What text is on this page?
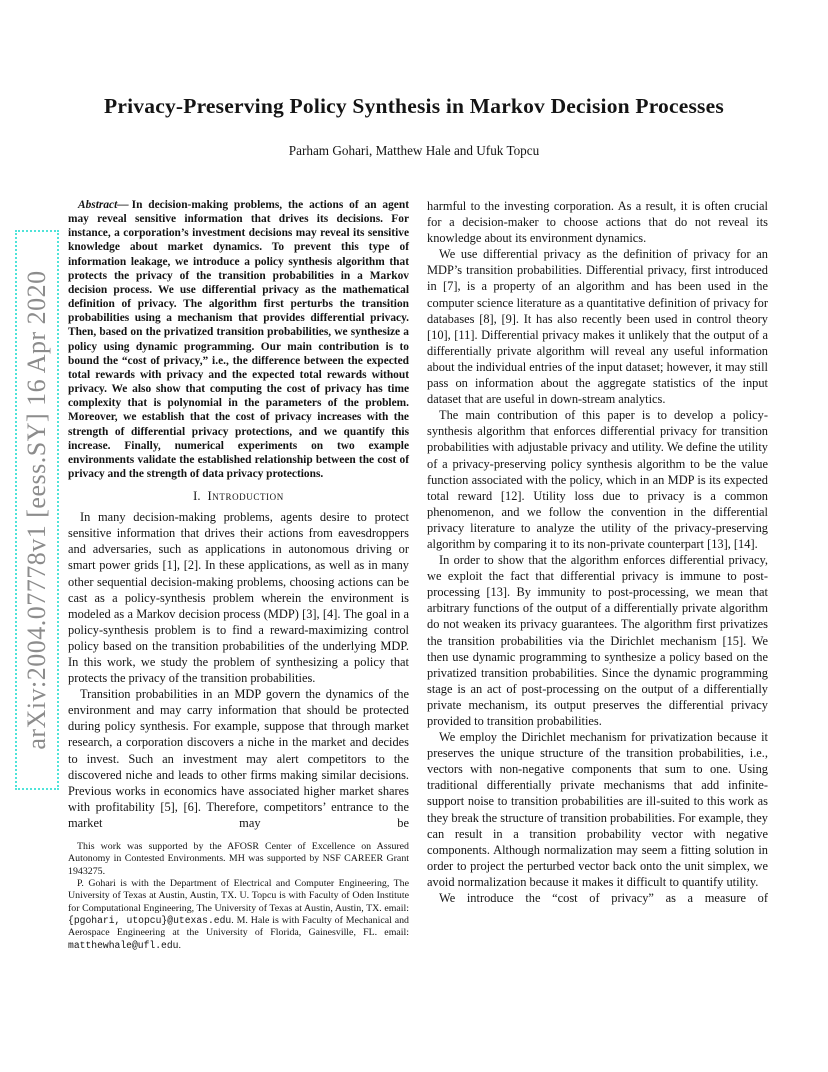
arXiv:2004.07778v1 [eess.SY] 16 Apr 2020
Privacy-Preserving Policy Synthesis in Markov Decision Processes
Parham Gohari, Matthew Hale and Ufuk Topcu

Abstract— In decision-making problems, the actions of an agent may reveal sensitive information that drives its decisions. For instance, a corporation’s investment decisions may reveal its sensitive knowledge about market dynamics. To prevent this type of information leakage, we introduce a policy synthesis algorithm that protects the privacy of the transition probabilities in a Markov decision process. We use differential privacy as the mathematical definition of privacy. The algorithm first perturbs the transition probabilities using a mechanism that provides differential privacy. Then, based on the privatized transition probabilities, we synthesize a policy using dynamic programming. Our main contribution is to bound the “cost of privacy,” i.e., the difference between the expected total rewards with privacy and the expected total rewards without privacy. We also show that computing the cost of privacy has time complexity that is polynomial in the parameters of the problem. Moreover, we establish that the cost of privacy increases with the strength of differential privacy protections, and we quantify this increase. Finally, numerical experiments on two example environments validate the established relationship between the cost of privacy and the strength of data privacy protections.

I. Introduction

In many decision-making problems, agents desire to protect sensitive information that drives their actions from eavesdroppers and adversaries, such as applications in autonomous driving or smart power grids [1], [2]. In these applications, as well as in many other sequential decision-making problems, choosing actions can be cast as a policy-synthesis problem wherein the environment is modeled as a Markov decision process (MDP) [3], [4]. The goal in a policy-synthesis problem is to find a reward-maximizing control policy based on the transition probabilities of the underlying MDP. In this work, we study the problem of synthesizing a policy that protects the privacy of the transition probabilities.

Transition probabilities in an MDP govern the dynamics of the environment and may carry information that should be protected during policy synthesis. For example, suppose that through market research, a corporation discovers a niche in the market and decides to invest. Such an investment may alert competitors to the discovered niche and leads to other firms making similar decisions. Previous works in economics have associated higher market shares with profitability [5], [6]. Therefore, competitors’ entrance to the market may be

This work was supported by the AFOSR Center of Excellence on Assured Autonomy in Contested Environments. MH was supported by NSF CAREER Grant 1943275.

P. Gohari is with the Department of Electrical and Computer Engineering, The University of Texas at Austin, Austin, TX. U. Topcu is with Faculty of Oden Institute for Computational Engineering, The University of Texas at Austin, Austin, TX. email: {pgohari, utopcu}@utexas.edu. M. Hale is with Faculty of Mechanical and Aerospace Engineering at the University of Florida, Gainesville, FL. email: matthewhale@ufl.edu.

harmful to the investing corporation. As a result, it is often crucial for a decision-maker to choose actions that do not reveal its knowledge about its environment dynamics.

We use differential privacy as the definition of privacy for an MDP’s transition probabilities. Differential privacy, first introduced in [7], is a property of an algorithm and has been used in the computer science literature as a quantitative definition of privacy for databases [8], [9]. It has also recently been used in control theory [10], [11]. Differential privacy makes it unlikely that the output of a differentially private algorithm will reveal any useful information about the individual entries of the input dataset; however, it may still pass on information about the aggregate statistics of the input dataset that are useful in down-stream analytics.

The main contribution of this paper is to develop a policy-synthesis algorithm that enforces differential privacy for transition probabilities with adjustable privacy and utility. We define the utility of a privacy-preserving policy synthesis algorithm to be the value function associated with the policy, which in an MDP is its expected total reward [12]. Utility loss due to privacy is a common phenomenon, and we follow the convention in the differential privacy literature to analyze the utility of the privacy-preserving algorithm by comparing it to its non-private counterpart [13], [14].

In order to show that the algorithm enforces differential privacy, we exploit the fact that differential privacy is immune to post-processing [13]. By immunity to post-processing, we mean that arbitrary functions of the output of a differentially private algorithm do not weaken its privacy guarantees. The algorithm first privatizes the transition probabilities via the Dirichlet mechanism [15]. We then use dynamic programming to synthesize a policy based on the privatized transition probabilities. Since the dynamic programming stage is an act of post-processing on the output of a differentially private mechanism, its output preserves the differential privacy provided to transition probabilities.

We employ the Dirichlet mechanism for privatization because it preserves the unique structure of the transition probabilities, i.e., vectors with non-negative components that sum to one. Using traditional differentially private mechanisms that add infinite-support noise to transition probabilities are ill-suited to this work as they break the structure of transition probabilities. For example, they can result in a transition probability vector with negative components. Although normalization may seem a fitting solution in order to project the perturbed vector back onto the unit simplex, we avoid normalization because it makes it difficult to quantify utility.

We introduce the “cost of privacy” as a measure of
